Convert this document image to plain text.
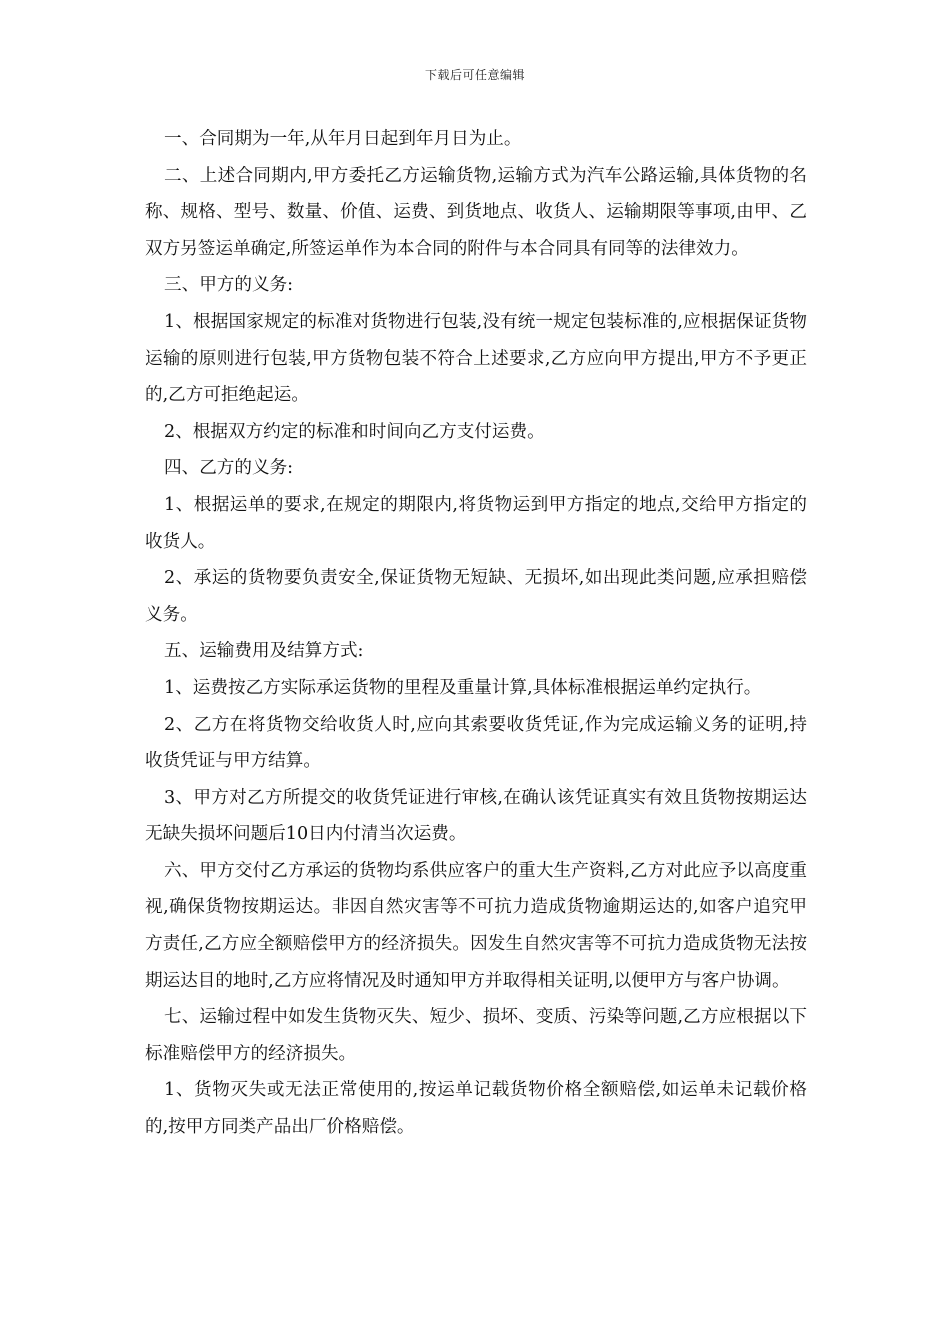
下载后可任意编辑

一、合同期为一年,从年月日起到年月日为止。

二、上述合同期内,甲方委托乙方运输货物,运输方式为汽车公路运输,具体货物的名称、规格、型号、数量、价值、运费、到货地点、收货人、运输期限等事项,由甲、乙双方另签运单确定,所签运单作为本合同的附件与本合同具有同等的法律效力。

三、甲方的义务:

1、根据国家规定的标准对货物进行包装,没有统一规定包装标准的,应根据保证货物运输的原则进行包装,甲方货物包装不符合上述要求,乙方应向甲方提出,甲方不予更正的,乙方可拒绝起运。

2、根据双方约定的标准和时间向乙方支付运费。

四、乙方的义务:

1、根据运单的要求,在规定的期限内,将货物运到甲方指定的地点,交给甲方指定的收货人。

2、承运的货物要负责安全,保证货物无短缺、无损坏,如出现此类问题,应承担赔偿义务。

五、运输费用及结算方式:

1、运费按乙方实际承运货物的里程及重量计算,具体标准根据运单约定执行。

2、乙方在将货物交给收货人时,应向其索要收货凭证,作为完成运输义务的证明,持收货凭证与甲方结算。

3、甲方对乙方所提交的收货凭证进行审核,在确认该凭证真实有效且货物按期运达无缺失损坏问题后10日内付清当次运费。

六、甲方交付乙方承运的货物均系供应客户的重大生产资料,乙方对此应予以高度重视,确保货物按期运达。非因自然灾害等不可抗力造成货物逾期运达的,如客户追究甲方责任,乙方应全额赔偿甲方的经济损失。因发生自然灾害等不可抗力造成货物无法按期运达目的地时,乙方应将情况及时通知甲方并取得相关证明,以便甲方与客户协调。

七、运输过程中如发生货物灭失、短少、损坏、变质、污染等问题,乙方应根据以下标准赔偿甲方的经济损失。

1、货物灭失或无法正常使用的,按运单记载货物价格全额赔偿,如运单未记载价格的,按甲方同类产品出厂价格赔偿。
